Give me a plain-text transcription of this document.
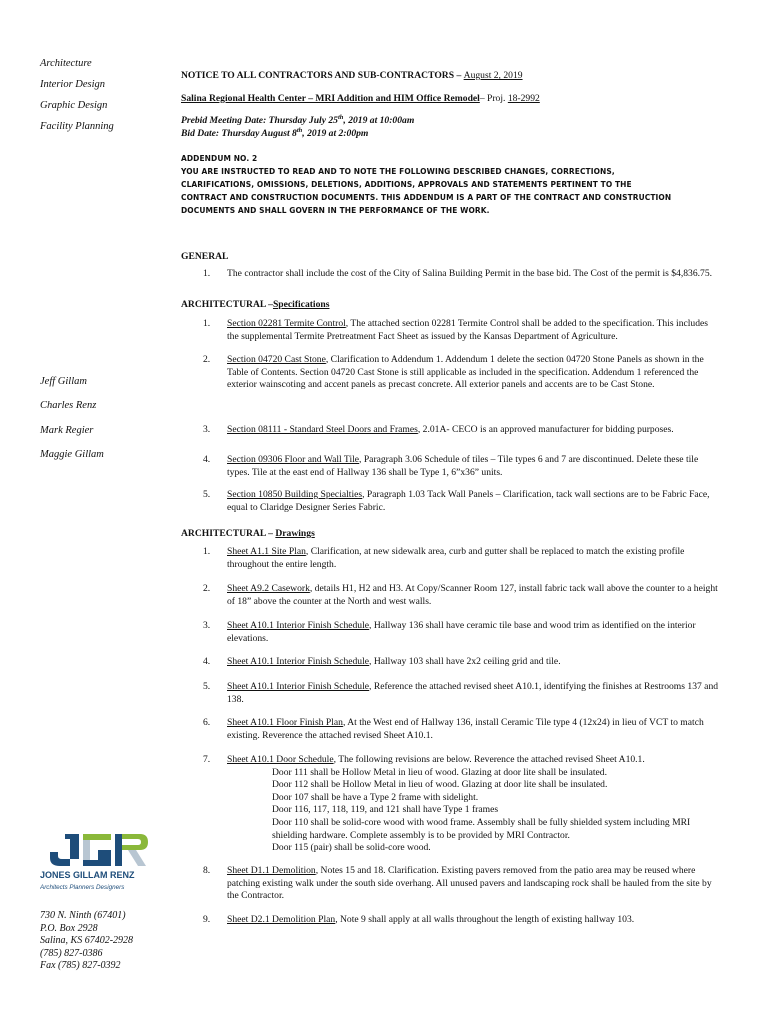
Architecture
Interior Design
Graphic Design
Facility Planning
Jeff Gillam
Charles Renz
Mark Regier
Maggie Gillam
JONES GILLAM RENZ
Architects Planners Designers
730 N. Ninth (67401)
P.O. Box 2928
Salina, KS 67402-2928
(785) 827-0386
Fax (785) 827-0392
NOTICE TO ALL CONTRACTORS AND SUB-CONTRACTORS – August 2, 2019
Salina Regional Health Center – MRI Addition and HIM Office Remodel– Proj. 18-2992
Prebid Meeting Date: Thursday July 25th, 2019 at 10:00am
Bid Date: Thursday August 8th, 2019 at 2:00pm
ADDENDUM NO. 2
YOU ARE INSTRUCTED TO READ AND TO NOTE THE FOLLOWING DESCRIBED CHANGES, CORRECTIONS,
CLARIFICATIONS, OMISSIONS, DELETIONS, ADDITIONS, APPROVALS AND STATEMENTS PERTINENT TO THE
CONTRACT AND CONSTRUCTION DOCUMENTS. THIS ADDENDUM IS A PART OF THE CONTRACT AND CONSTRUCTION
DOCUMENTS AND SHALL GOVERN IN THE PERFORMANCE OF THE WORK.
GENERAL
1. The contractor shall include the cost of the City of Salina Building Permit in the base bid. The Cost of the permit is $4,836.75.
ARCHITECTURAL –Specifications
1. Section 02281 Termite Control, The attached section 02281 Termite Control shall be added to the specification. This includes the supplemental Termite Pretreatment Fact Sheet as issued by the Kansas Department of Agriculture.
2. Section 04720 Cast Stone, Clarification to Addendum 1. Addendum 1 delete the section 04720 Stone Panels as shown in the Table of Contents. Section 04720 Cast Stone is still applicable as included in the specification. Addendum 1 referenced the exterior wainscoting and accent panels as precast concrete. All exterior panels and accents are to be Cast Stone.
3. Section 08111 - Standard Steel Doors and Frames, 2.01A- CECO is an approved manufacturer for bidding purposes.
4. Section 09306 Floor and Wall Tile, Paragraph 3.06 Schedule of tiles – Tile types 6 and 7 are discontinued. Delete these tile types. Tile at the east end of Hallway 136 shall be Type 1, 6”x36” units.
5. Section 10850 Building Specialties, Paragraph 1.03 Tack Wall Panels – Clarification, tack wall sections are to be Fabric Face, equal to Claridge Designer Series Fabric.
ARCHITECTURAL – Drawings
1. Sheet A1.1 Site Plan, Clarification, at new sidewalk area, curb and gutter shall be replaced to match the existing profile throughout the entire length.
2. Sheet A9.2 Casework, details H1, H2 and H3. At Copy/Scanner Room 127, install fabric tack wall above the counter to a height of 18” above the counter at the North and west walls.
3. Sheet A10.1 Interior Finish Schedule, Hallway 136 shall have ceramic tile base and wood trim as identified on the interior elevations.
4. Sheet A10.1 Interior Finish Schedule, Hallway 103 shall have 2x2 ceiling grid and tile.
5. Sheet A10.1 Interior Finish Schedule, Reference the attached revised sheet A10.1, identifying the finishes at Restrooms 137 and 138.
6. Sheet A10.1 Floor Finish Plan, At the West end of Hallway 136, install Ceramic Tile type 4 (12x24) in lieu of VCT to match existing. Reverence the attached revised Sheet A10.1.
7. Sheet A10.1 Door Schedule, The following revisions are below. Reverence the attached revised Sheet A10.1.
Door 111 shall be Hollow Metal in lieu of wood. Glazing at door lite shall be insulated.
Door 112 shall be Hollow Metal in lieu of wood. Glazing at door lite shall be insulated.
Door 107 shall be have a Type 2 frame with sidelight.
Door 116, 117, 118, 119, and 121 shall have Type 1 frames
Door 110 shall be solid-core wood with wood frame. Assembly shall be fully shielded system including MRI shielding hardware. Complete assembly is to be provided by MRI Contractor.
Door 115 (pair) shall be solid-core wood.
8. Sheet D1.1 Demolition, Notes 15 and 18. Clarification. Existing pavers removed from the patio area may be reused where patching existing walk under the south side overhang. All unused pavers and landscaping rock shall be hauled from the site by the Contractor.
9. Sheet D2.1 Demolition Plan, Note 9 shall apply at all walls throughout the length of existing hallway 103.
